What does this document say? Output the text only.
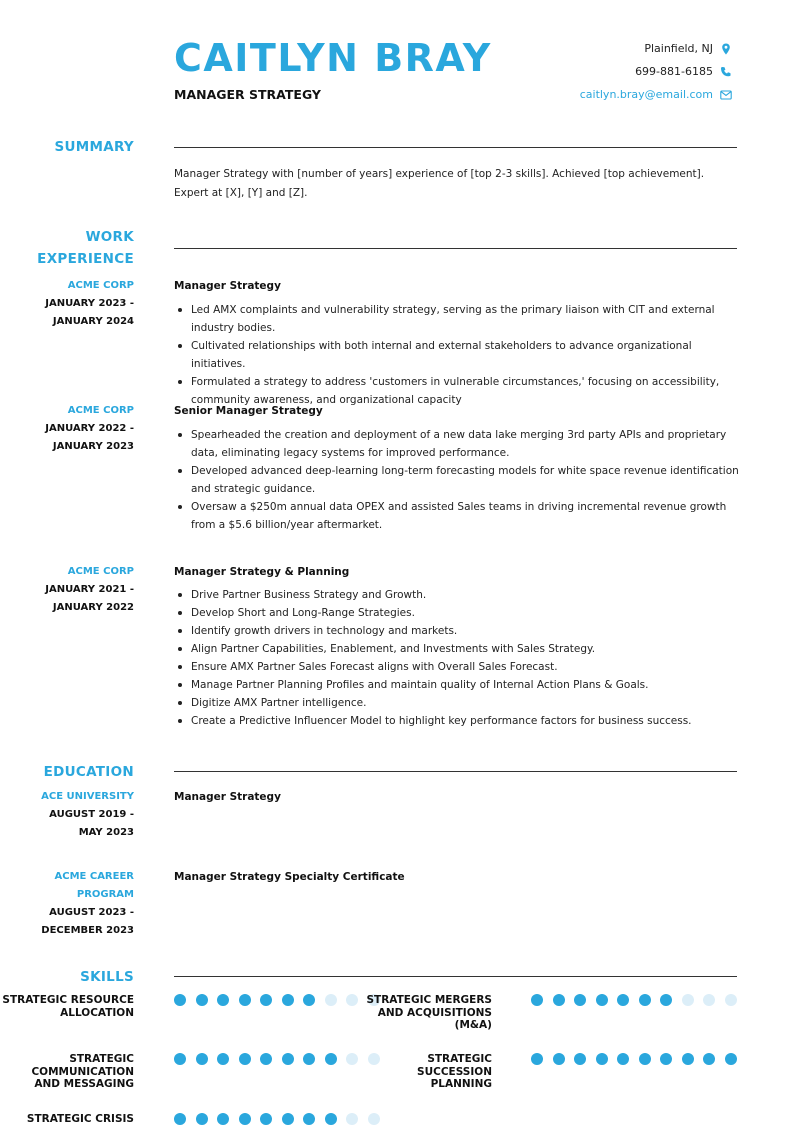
CAITLYN BRAY
MANAGER STRATEGY
Plainfield, NJ
699-881-6185
caitlyn.bray@email.com
SUMMARY
Manager Strategy with [number of years] experience of [top 2-3 skills]. Achieved [top achievement]. Expert at [X], [Y] and [Z].
WORK
EXPERIENCE
ACME CORP
JANUARY 2023 -
JANUARY 2024
Manager Strategy
Led AMX complaints and vulnerability strategy, serving as the primary liaison with CIT and external industry bodies.
Cultivated relationships with both internal and external stakeholders to advance organizational initiatives.
Formulated a strategy to address 'customers in vulnerable circumstances,' focusing on accessibility, community awareness, and organizational capacity
ACME CORP
JANUARY 2022 -
JANUARY 2023
Senior Manager Strategy
Spearheaded the creation and deployment of a new data lake merging 3rd party APIs and proprietary data, eliminating legacy systems for improved performance.
Developed advanced deep-learning long-term forecasting models for white space revenue identification and strategic guidance.
Oversaw a $250m annual data OPEX and assisted Sales teams in driving incremental revenue growth from a $5.6 billion/year aftermarket.
ACME CORP
JANUARY 2021 -
JANUARY 2022
Manager Strategy & Planning
Drive Partner Business Strategy and Growth.
Develop Short and Long-Range Strategies.
Identify growth drivers in technology and markets.
Align Partner Capabilities, Enablement, and Investments with Sales Strategy.
Ensure AMX Partner Sales Forecast aligns with Overall Sales Forecast.
Manage Partner Planning Profiles and maintain quality of Internal Action Plans & Goals.
Digitize AMX Partner intelligence.
Create a Predictive Influencer Model to highlight key performance factors for business success.
EDUCATION
ACE UNIVERSITY
AUGUST 2019 -
MAY 2023
Manager Strategy
ACME CAREER
PROGRAM
AUGUST 2023 -
DECEMBER 2023
Manager Strategy Specialty Certificate
SKILLS
STRATEGIC RESOURCE
ALLOCATION
STRATEGIC MERGERS
AND ACQUISITIONS
(M&A)
STRATEGIC
COMMUNICATION
AND MESSAGING
STRATEGIC
SUCCESSION
PLANNING
STRATEGIC CRISIS
